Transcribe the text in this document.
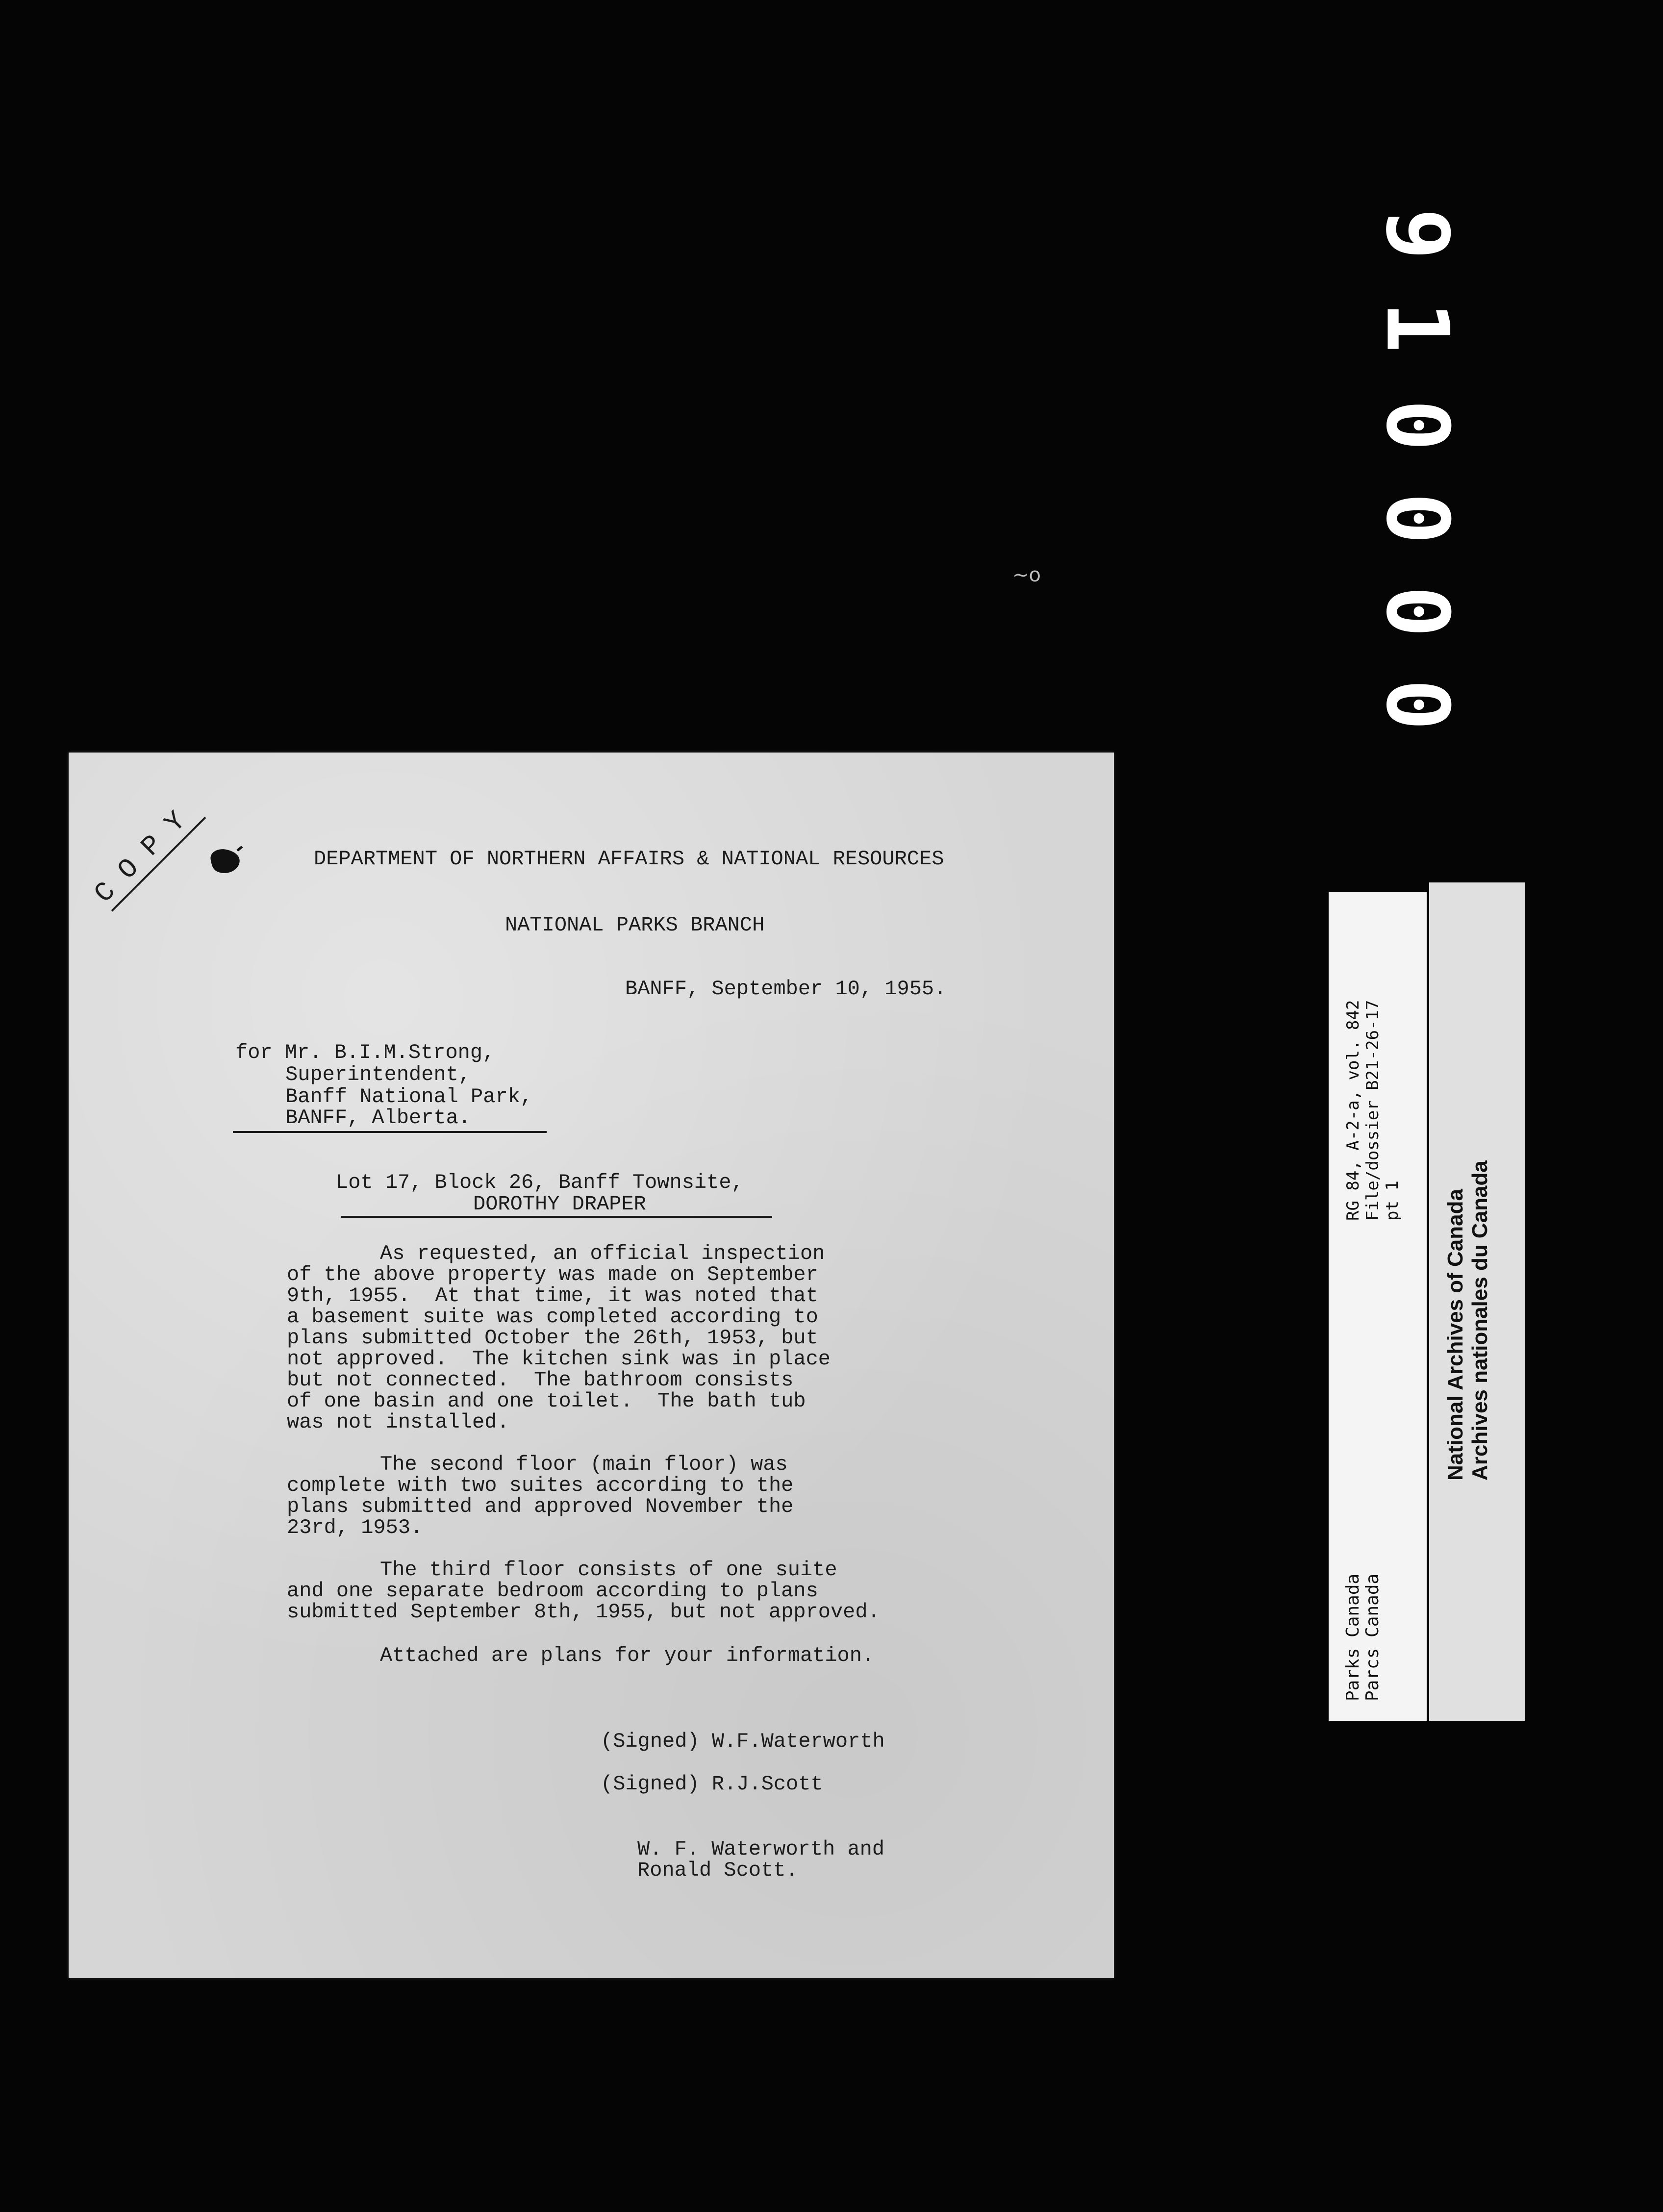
9
1
0
0
0
0
~o
COPY	DEPARTMENT OF NORTHERN AFFAIRS & NATIONAL RESOURCES
NATIONAL PARKS BRANCH
BANFF, September 10, 1955.
for Mr. B.I.M.Strong,
Superintendent,
Banff National Park,
BANFF, Alberta.
Lot 17, Block 26, Banff Townsite,
DOROTHY DRAPER
As requested, an official inspection
of the above property was made on September
9th, 1955.  At that time, it was noted that
a basement suite was completed according to
plans submitted October the 26th, 1953, but
not approved.  The kitchen sink was in place
but not connected.  The bathroom consists
of one basin and one toilet.  The bath tub
was not installed.
The second floor (main floor) was
complete with two suites according to the
plans submitted and approved November the
23rd, 1953.
The third floor consists of one suite
and one separate bedroom according to plans
submitted September 8th, 1955, but not approved.
Attached are plans for your information.
(Signed) W.F.Waterworth
(Signed) R.J.Scott
W. F. Waterworth and
Ronald Scott.
RG 84, A-2-a, vol. 842 File/dossier B21-26-17 pt 1
Parks Canada Parcs Canada
National Archives of Canada Archives nationales du Canada
